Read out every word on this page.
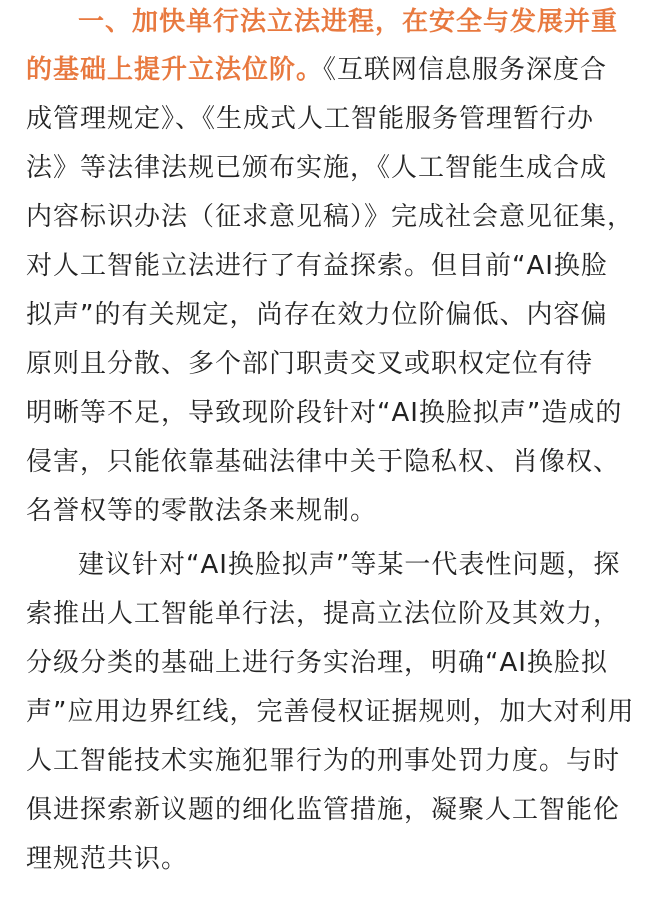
一、加快单行法立法进程，在安全与发展并重
的基础上提升立法位阶。《互联网信息服务深度合
成管理规定》、《生成式人工智能服务管理暂行办
法》等法律法规已颁布实施，《人工智能生成合成
内容标识办法（征求意见稿）》完成社会意见征集，
对人工智能立法进行了有益探索。但目前“AI换脸
拟声”的有关规定，尚存在效力位阶偏低、内容偏
原则且分散、多个部门职责交叉或职权定位有待
明晰等不足，导致现阶段针对“AI换脸拟声”造成的
侵害，只能依靠基础法律中关于隐私权、肖像权、
名誉权等的零散法条来规制。
建议针对“AI换脸拟声”等某一代表性问题，探
索推出人工智能单行法，提高立法位阶及其效力，
分级分类的基础上进行务实治理，明确“AI换脸拟
声”应用边界红线，完善侵权证据规则，加大对利用
人工智能技术实施犯罪行为的刑事处罚力度。与时
俱进探索新议题的细化监管措施，凝聚人工智能伦
理规范共识。
